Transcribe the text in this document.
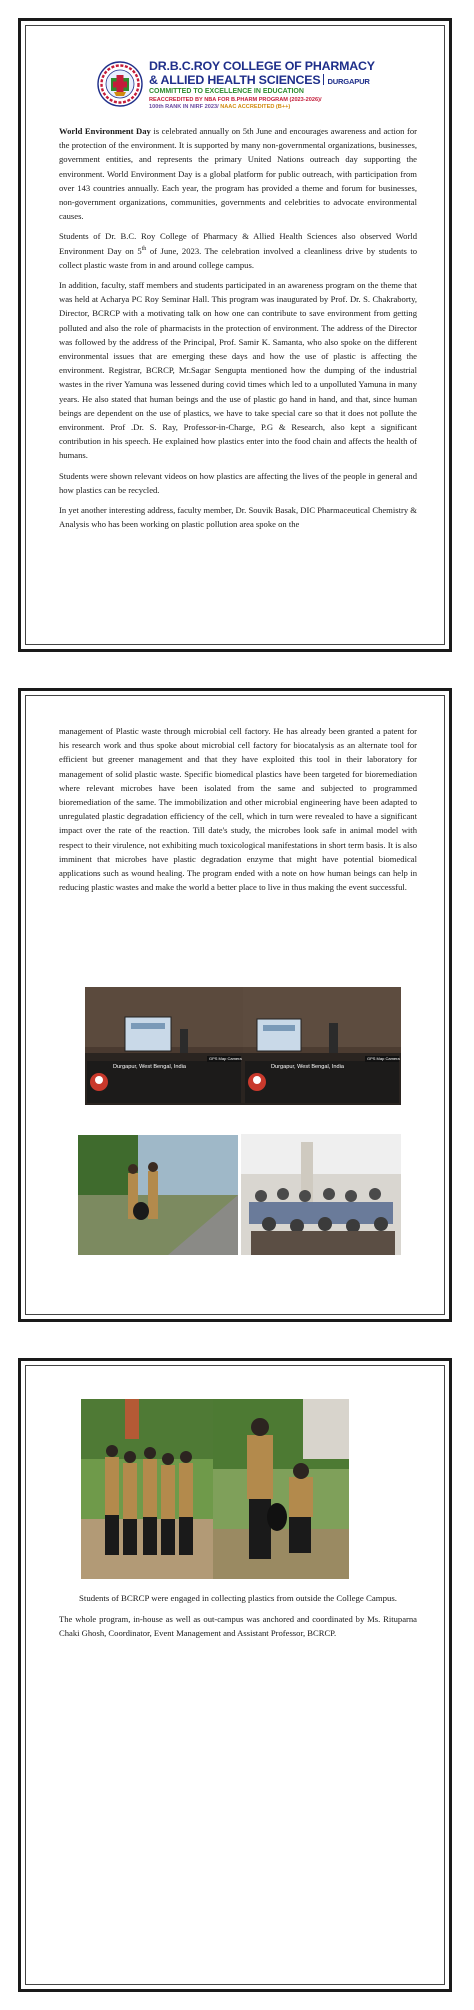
DR.B.C.ROY COLLEGE OF PHARMACY
& ALLIED HEALTH SCIENCES DURGAPUR
COMMITTED TO EXCELLENCE IN EDUCATION
REACCREDITED BY NBA FOR B.PHARM PROGRAM (2023-2026)/
100th RANK IN NIRF 2023/ NAAC ACCREDITED (B++)

World Environment Day is celebrated annually on 5th June and encourages awareness and action for the protection of the environment. It is supported by many non-governmental organizations, businesses, government entities, and represents the primary United Nations outreach day supporting the environment. World Environment Day is a global platform for public outreach, with participation from over 143 countries annually. Each year, the program has provided a theme and forum for businesses, non-government organizations, communities, governments and celebrities to advocate environmental causes.

Students of Dr. B.C. Roy College of Pharmacy & Allied Health Sciences also observed World Environment Day on 5th of June, 2023. The celebration involved a cleanliness drive by students to collect plastic waste from in and around college campus.

In addition, faculty, staff members and students participated in an awareness program on the theme that was held at Acharya PC Roy Seminar Hall. This program was inaugurated by Prof. Dr. S. Chakraborty, Director, BCRCP with a motivating talk on how one can contribute to save environment from getting polluted and also the role of pharmacists in the protection of environment. The address of the Director was followed by the address of the Principal, Prof. Samir K. Samanta, who also spoke on the different environmental issues that are emerging these days and how the use of plastic is affecting the environment. Registrar, BCRCP, Mr.Sagar Sengupta mentioned how the dumping of the industrial wastes in the river Yamuna was lessened during covid times which led to a unpolluted Yamuna in many years. He also stated that human beings and the use of plastic go hand in hand, and that, since human beings are dependent on the use of plastics, we have to take special care so that it does not pollute the environment. Prof .Dr. S. Ray, Professor-in-Charge, P.G & Research, also kept a significant contribution in his speech. He explained how plastics enter into the food chain and affects the health of humans.

Students were shown relevant videos on how plastics are affecting the lives of the people in general and how plastics can be recycled.

In yet another interesting address, faculty member, Dr. Souvik Basak, DIC Pharmaceutical Chemistry & Analysis who has been working on plastic pollution area spoke on the

management of Plastic waste through microbial cell factory. He has already been granted a patent for his research work and thus spoke about microbial cell factory for biocatalysis as an alternate tool for efficient but greener management and that they have exploited this tool in their laboratory for management of solid plastic waste. Specific biomedical plastics have been targeted for bioremediation where relevant microbes have been isolated from the same and subjected to programmed bioremediation of the same. The immobilization and other microbial engineering have been adapted to unregulated plastic degradation efficiency of the cell, which in turn were revealed to have a significant impact over the rate of the reaction. Till date's study, the microbes look safe in animal model with respect to their virulence, not exhibiting much toxicological manifestations in short term basis. It is also imminent that microbes have plastic degradation enzyme that might have potential biomedical applications such as wound healing. The program ended with a note on how human beings can help in reducing plastic wastes and make the world a better place to live in thus making the event successful.

Durgapur, West Bengal, India
GPS Map Camera
Durgapur, West Bengal, India
GPS Map Camera
Students of BCRCP were engaged in collecting plastics from outside the College Campus.

The whole program, in-house as well as out-campus was anchored and coordinated by Ms. Rituparna Chaki Ghosh, Coordinator, Event Management and Assistant Professor, BCRCP.
